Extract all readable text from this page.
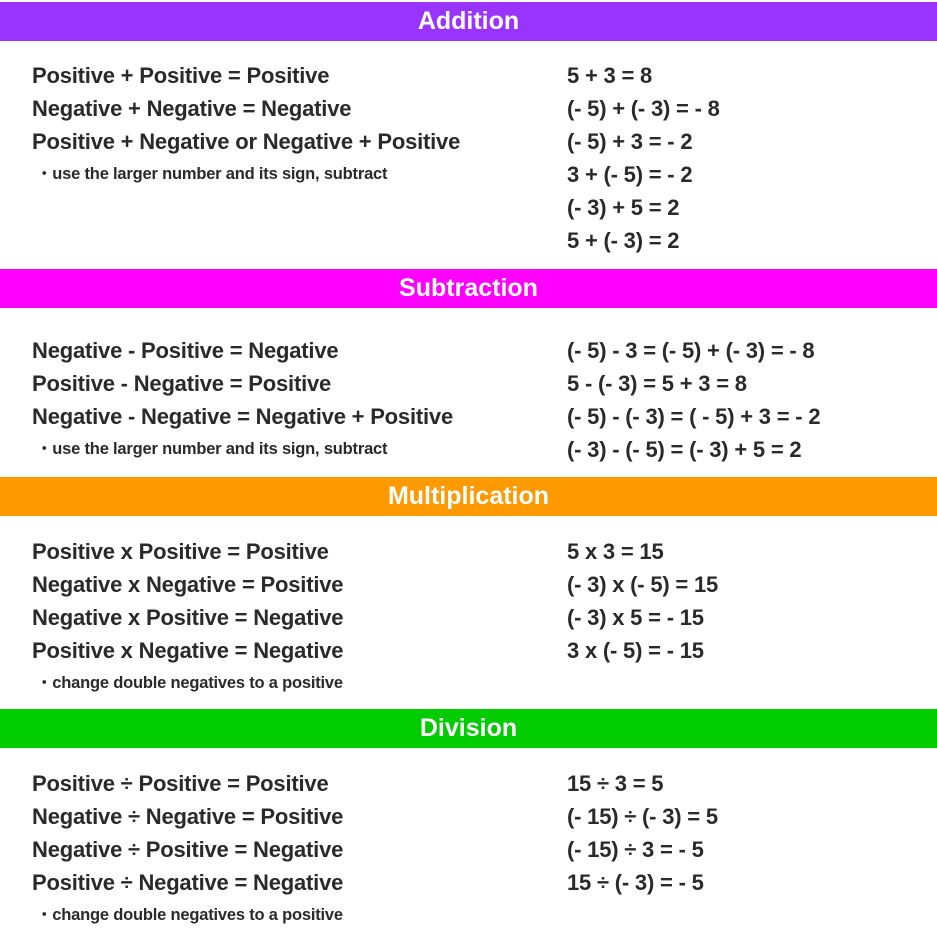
Addition
Positive + Positive = Positive
Negative + Negative = Negative
Positive + Negative or Negative + Positive
・use the larger number and its sign, subtract
5 + 3 = 8
(- 5) + (- 3) = - 8
(- 5) + 3 = - 2
3 + (- 5) = - 2
(- 3) + 5 = 2
5 + (- 3) = 2
Subtraction
Negative - Positive = Negative
Positive - Negative = Positive
Negative - Negative = Negative + Positive
・use the larger number and its sign, subtract
(- 5) - 3 = (- 5) + (- 3) = - 8
5 - (- 3) = 5 + 3 = 8
(- 5) - (- 3) = ( - 5) + 3 = - 2
(- 3) - (- 5) = (- 3) + 5 = 2
Multiplication
Positive x Positive = Positive
Negative x Negative = Positive
Negative x Positive = Negative
Positive x Negative = Negative
・change double negatives to a positive
5 x 3 = 15
(- 3) x (- 5) = 15
(- 3) x 5 = - 15
3 x (- 5) = - 15
Division
Positive ÷ Positive = Positive
Negative ÷ Negative = Positive
Negative ÷ Positive = Negative
Positive ÷ Negative = Negative
・change double negatives to a positive
15 ÷ 3 = 5
(- 15) ÷ (- 3) = 5
(- 15) ÷ 3 = - 5
15 ÷ (- 3) = - 5
